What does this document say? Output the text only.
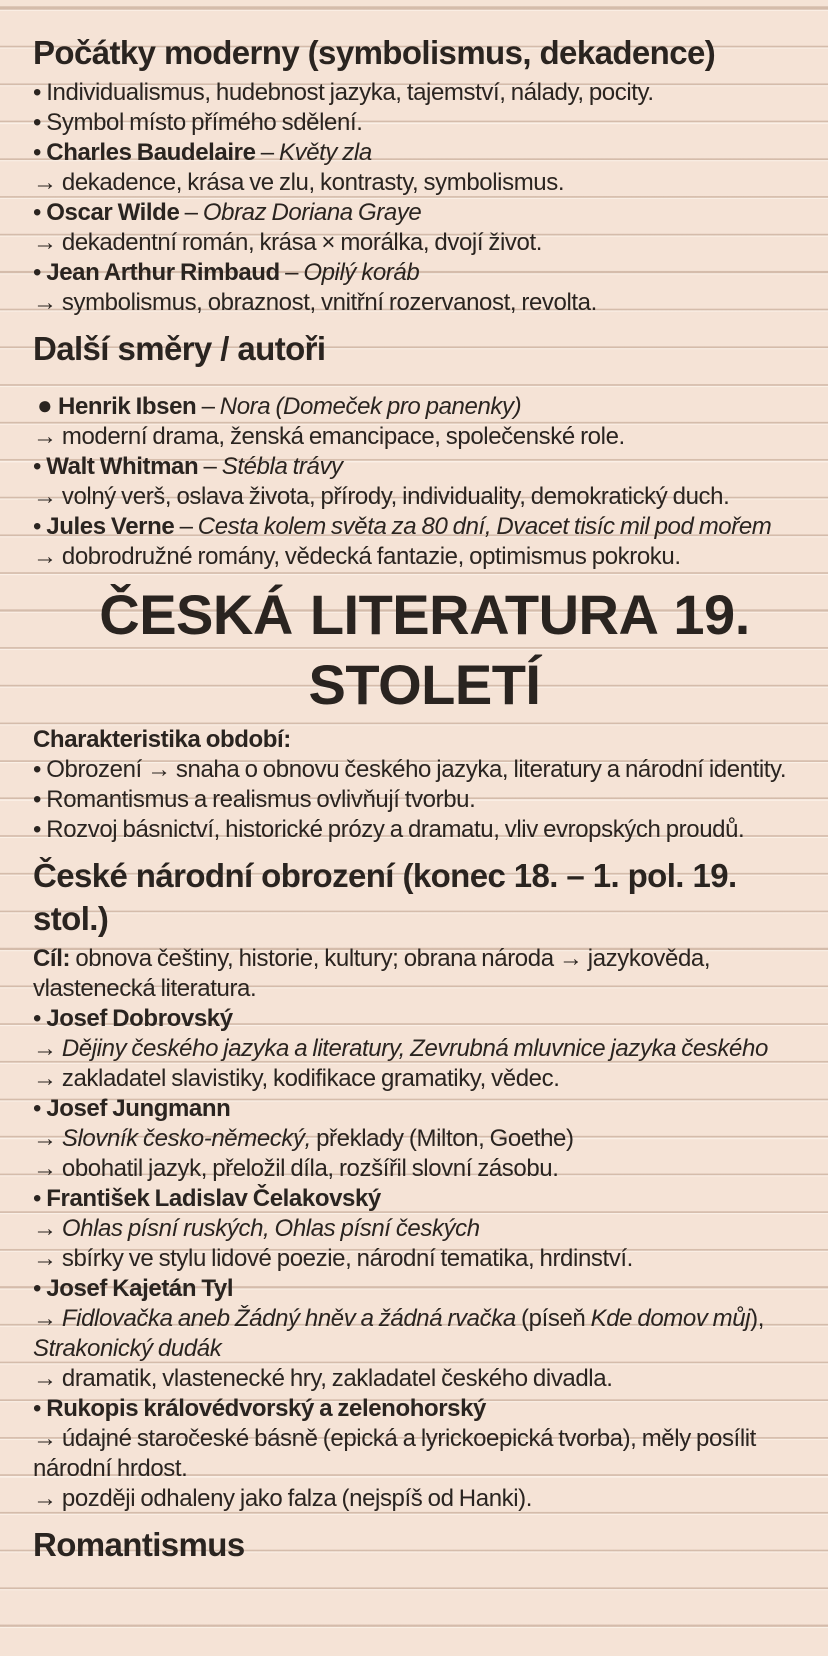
Počátky moderny (symbolismus, dekadence)

• Individualismus, hudebnost jazyka, tajemství, nálady, pocity.

• Symbol místo přímého sdělení.

• Charles Baudelaire – Květy zla

→ dekadence, krása ve zlu, kontrasty, symbolismus.

• Oscar Wilde – Obraz Doriana Graye

→ dekadentní román, krása × morálka, dvojí život.

• Jean Arthur Rimbaud – Opilý koráb

→ symbolismus, obraznost, vnitřní rozervanost, revolta.

Další směry / autoři

● Henrik Ibsen – Nora (Domeček pro panenky)

→ moderní drama, ženská emancipace, společenské role.

• Walt Whitman – Stébla trávy

→ volný verš, oslava života, přírody, individuality, demokratický duch.

• Jules Verne – Cesta kolem světa za 80 dní, Dvacet tisíc mil pod mořem

→ dobrodružné romány, vědecká fantazie, optimismus pokroku.

ČESKÁ LITERATURA 19. STOLETÍ

Charakteristika období:

• Obrození → snaha o obnovu českého jazyka, literatury a národní identity.

• Romantismus a realismus ovlivňují tvorbu.

• Rozvoj básnictví, historické prózy a dramatu, vliv evropských proudů.

České národní obrození (konec 18. – 1. pol. 19. stol.)

Cíl: obnova češtiny, historie, kultury; obrana národa → jazykověda, vlastenecká literatura.

• Josef Dobrovský

→ Dějiny českého jazyka a literatury, Zevrubná mluvnice jazyka českého

→ zakladatel slavistiky, kodifikace gramatiky, vědec.

• Josef Jungmann

→ Slovník česko-německý, překlady (Milton, Goethe)

→ obohatil jazyk, přeložil díla, rozšířil slovní zásobu.

• František Ladislav Čelakovský

→ Ohlas písní ruských, Ohlas písní českých

→ sbírky ve stylu lidové poezie, národní tematika, hrdinství.

• Josef Kajetán Tyl

→ Fidlovačka aneb Žádný hněv a žádná rvačka (píseň Kde domov můj), Strakonický dudák

→ dramatik, vlastenecké hry, zakladatel českého divadla.

• Rukopis královédvorský a zelenohorský

→ údajné staročeské básně (epická a lyrickoepická tvorba), měly posílit národní hrdost.

→ později odhaleny jako falza (nejspíš od Hanki).

Romantismus
